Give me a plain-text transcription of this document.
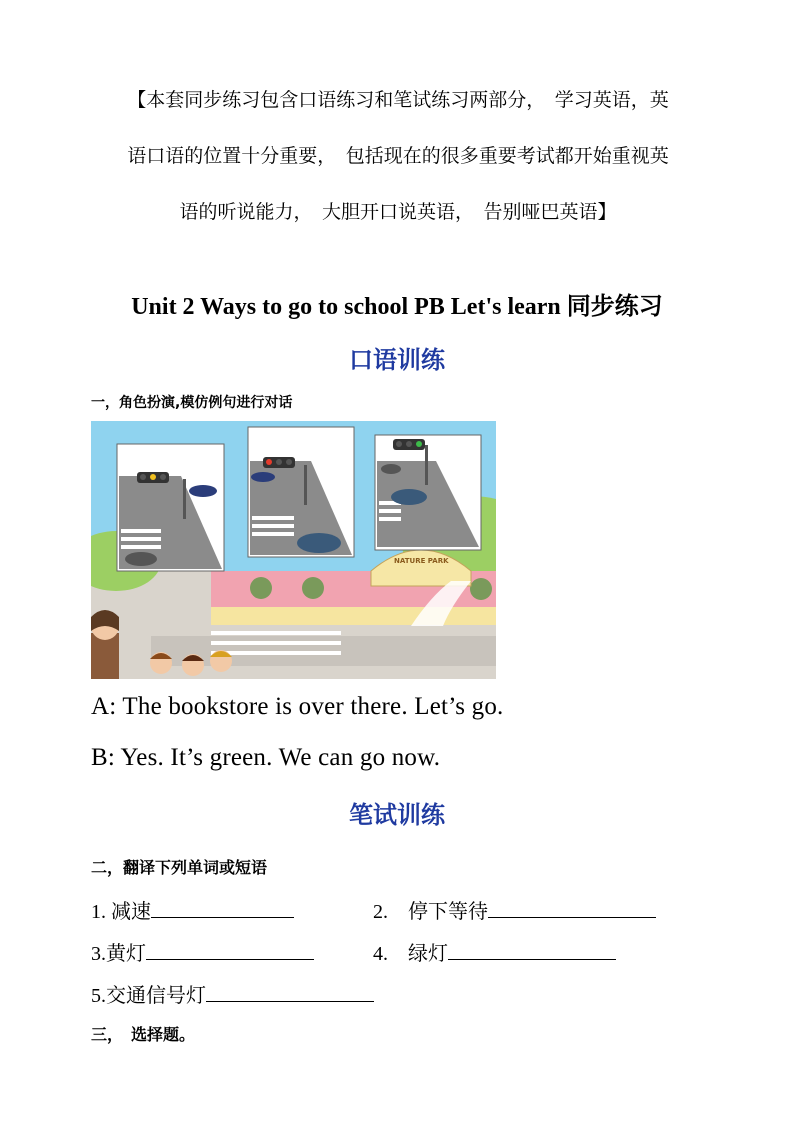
【本套同步练习包含口语练习和笔试练习两部分，　学习英语，英
语口语的位置十分重要，　包括现在的很多重要考试都开始重视英
语的听说能力，　大胆开口说英语，　告别哑巴英语】
Unit 2 Ways to go to school PB Let's learn 同步练习
口语训练
一，角色扮演,模仿例句进行对话
NATURE PARK
A: The bookstore is over there. Let’s go.
B: Yes. It’s green. We can go now.
笔试训练
二，翻译下列单词或短语
1. 减速	2. 停下等待
3.黄灯	4. 绿灯
5.交通信号灯
三，　选择题。
